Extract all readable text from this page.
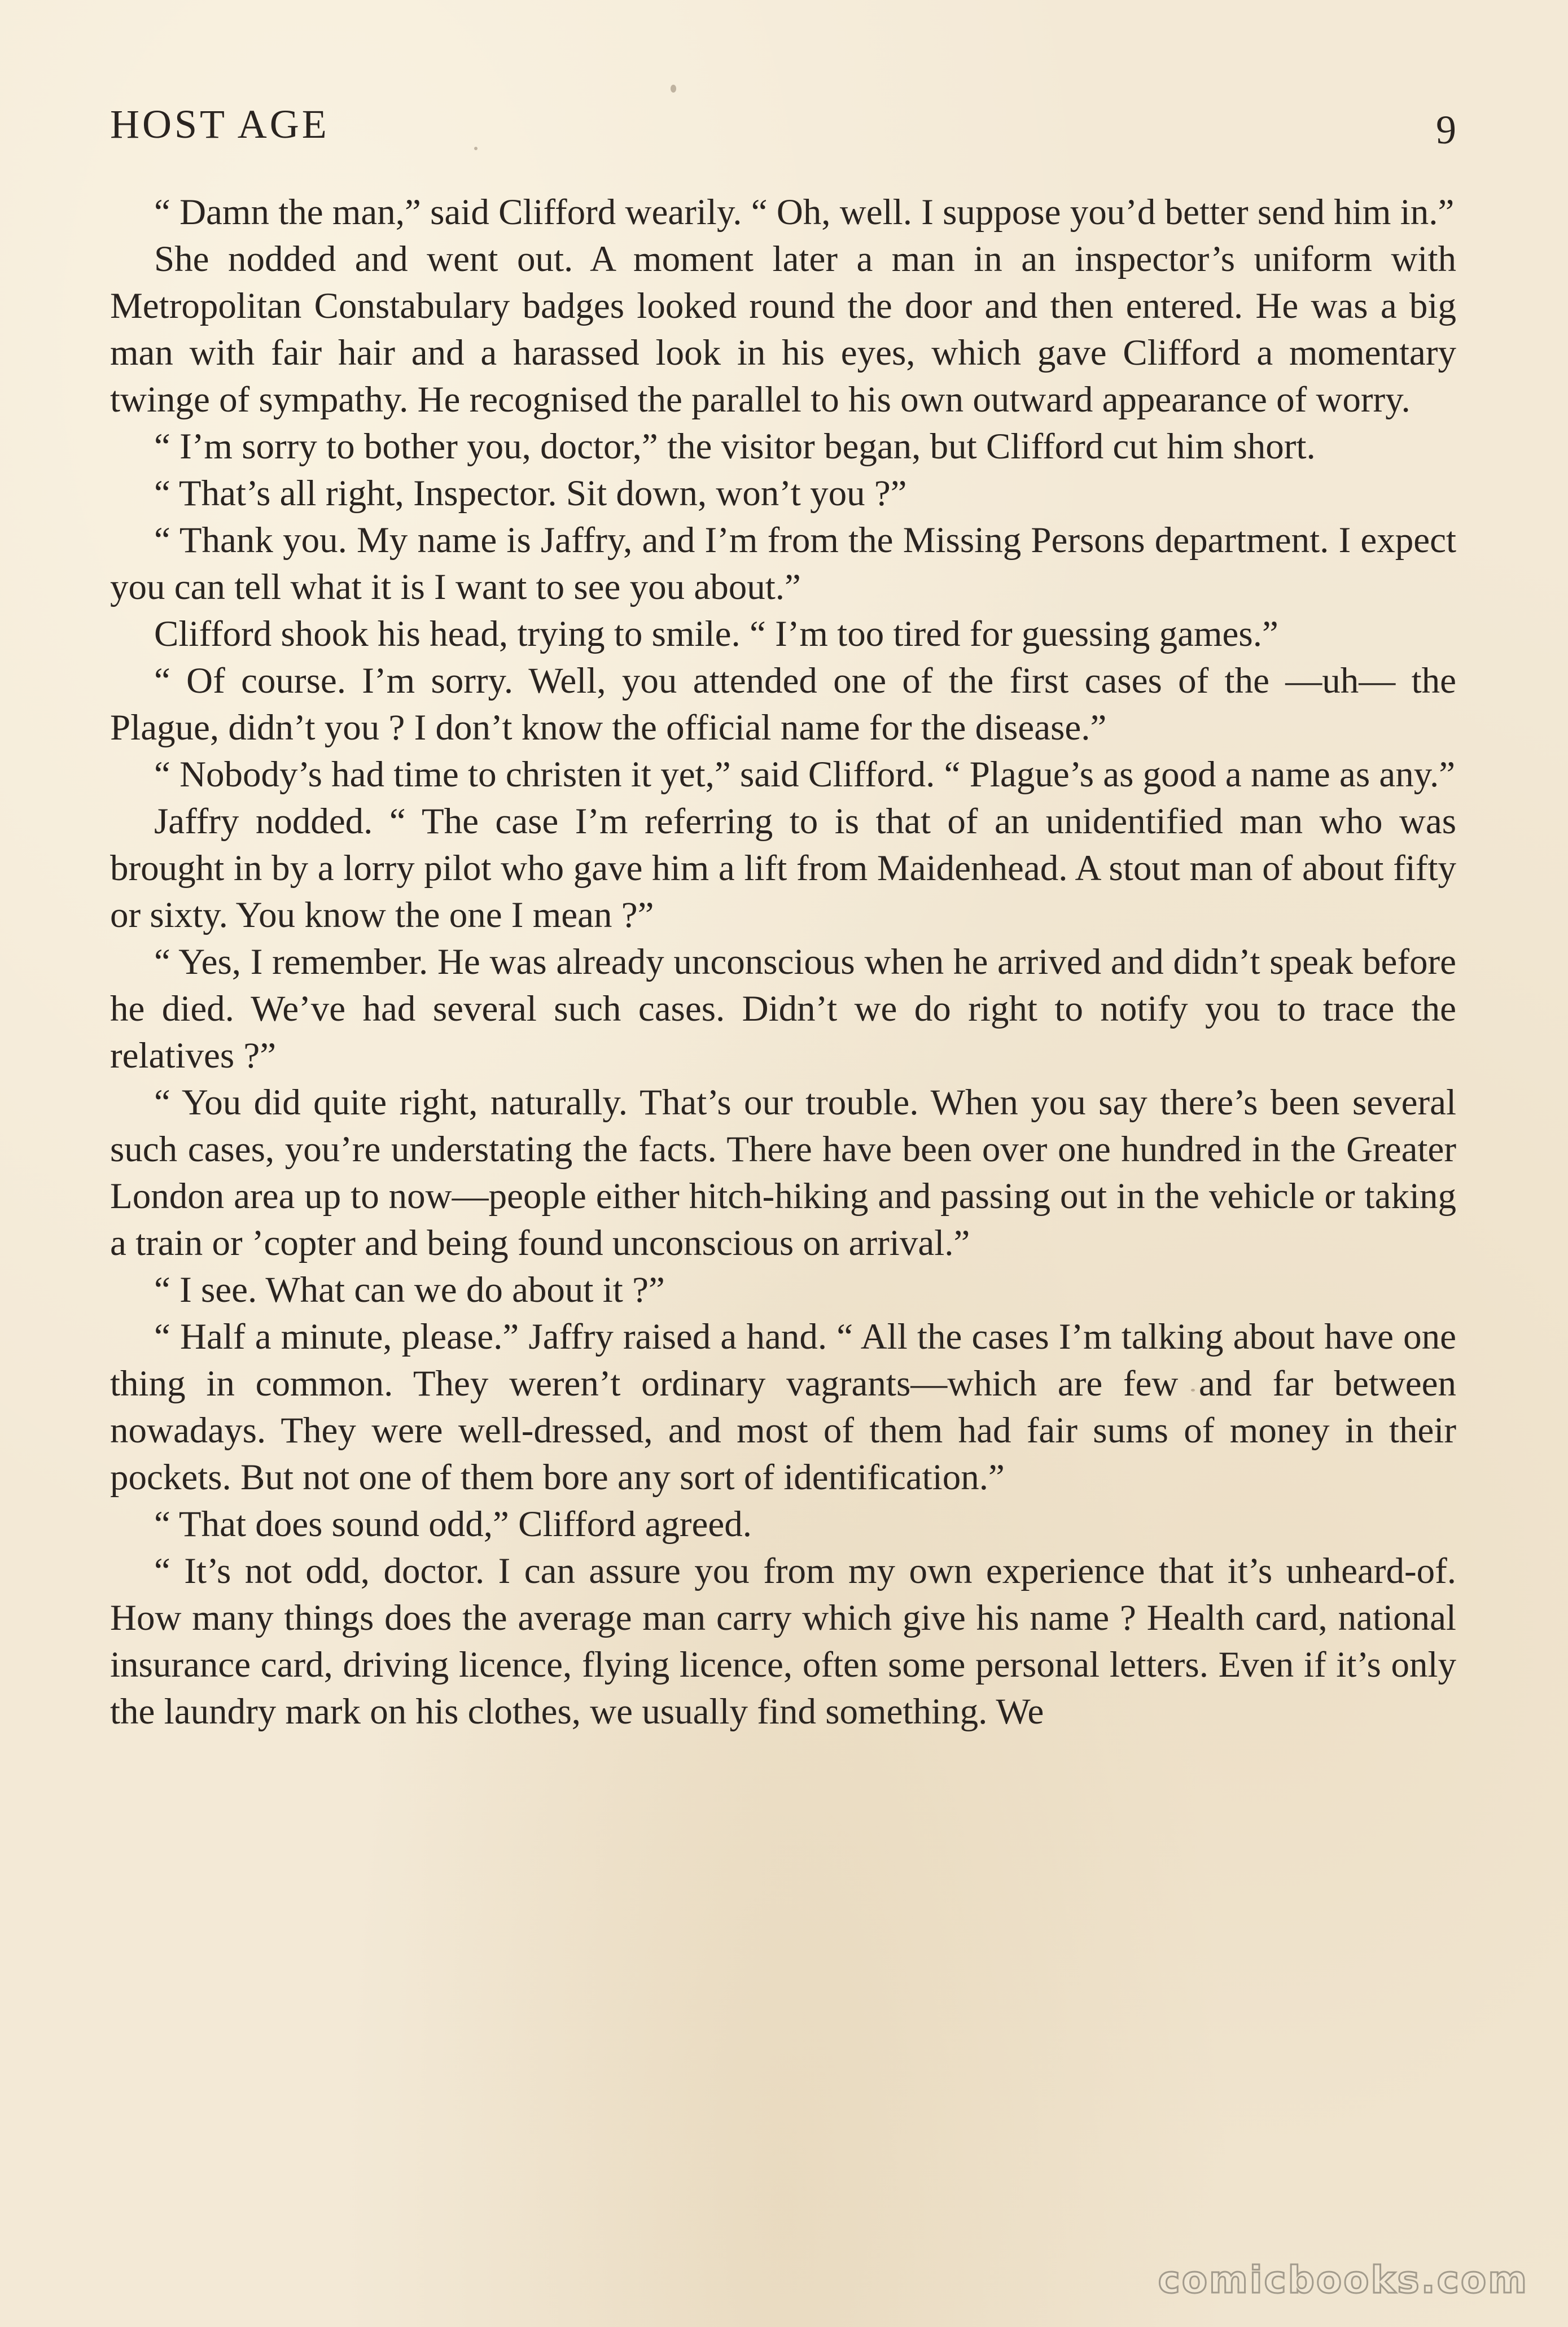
HOST AGE	9

“ Damn the man,” said Clifford wearily. “ Oh, well. I suppose you’d better send him in.”

She nodded and went out. A moment later a man in an inspector’s uniform with Metropolitan Constabulary badges looked round the door and then entered. He was a big man with fair hair and a harassed look in his eyes, which gave Clifford a momentary twinge of sympathy. He recognised the parallel to his own outward appearance of worry.

“ I’m sorry to bother you, doctor,” the visitor began, but Clifford cut him short.

“ That’s all right, Inspector. Sit down, won’t you ?”

“ Thank you. My name is Jaffry, and I’m from the Missing Persons department. I expect you can tell what it is I want to see you about.”

Clifford shook his head, trying to smile. “ I’m too tired for guessing games.”

“ Of course. I’m sorry. Well, you attended one of the first cases of the —uh— the Plague, didn’t you ? I don’t know the official name for the disease.”

“ Nobody’s had time to christen it yet,” said Clifford. “ Plague’s as good a name as any.”

Jaffry nodded. “ The case I’m referring to is that of an unidentified man who was brought in by a lorry pilot who gave him a lift from Maidenhead. A stout man of about fifty or sixty. You know the one I mean ?”

“ Yes, I remember. He was already unconscious when he arrived and didn’t speak before he died. We’ve had several such cases. Didn’t we do right to notify you to trace the relatives ?”

“ You did quite right, naturally. That’s our trouble. When you say there’s been several such cases, you’re understating the facts. There have been over one hundred in the Greater London area up to now—people either hitch-hiking and passing out in the vehicle or taking a train or ’copter and being found unconscious on arrival.”

“ I see. What can we do about it ?”

“ Half a minute, please.” Jaffry raised a hand. “ All the cases I’m talking about have one thing in common. They weren’t ordinary vagrants—which are few and far between nowadays. They were well-dressed, and most of them had fair sums of money in their pockets. But not one of them bore any sort of identification.”

“ That does sound odd,” Clifford agreed.

“ It’s not odd, doctor. I can assure you from my own experience that it’s unheard-of. How many things does the average man carry which give his name ? Health card, national insurance card, driving licence, flying licence, often some personal letters. Even if it’s only the laundry mark on his clothes, we usually find something. We

comicbooks.com
